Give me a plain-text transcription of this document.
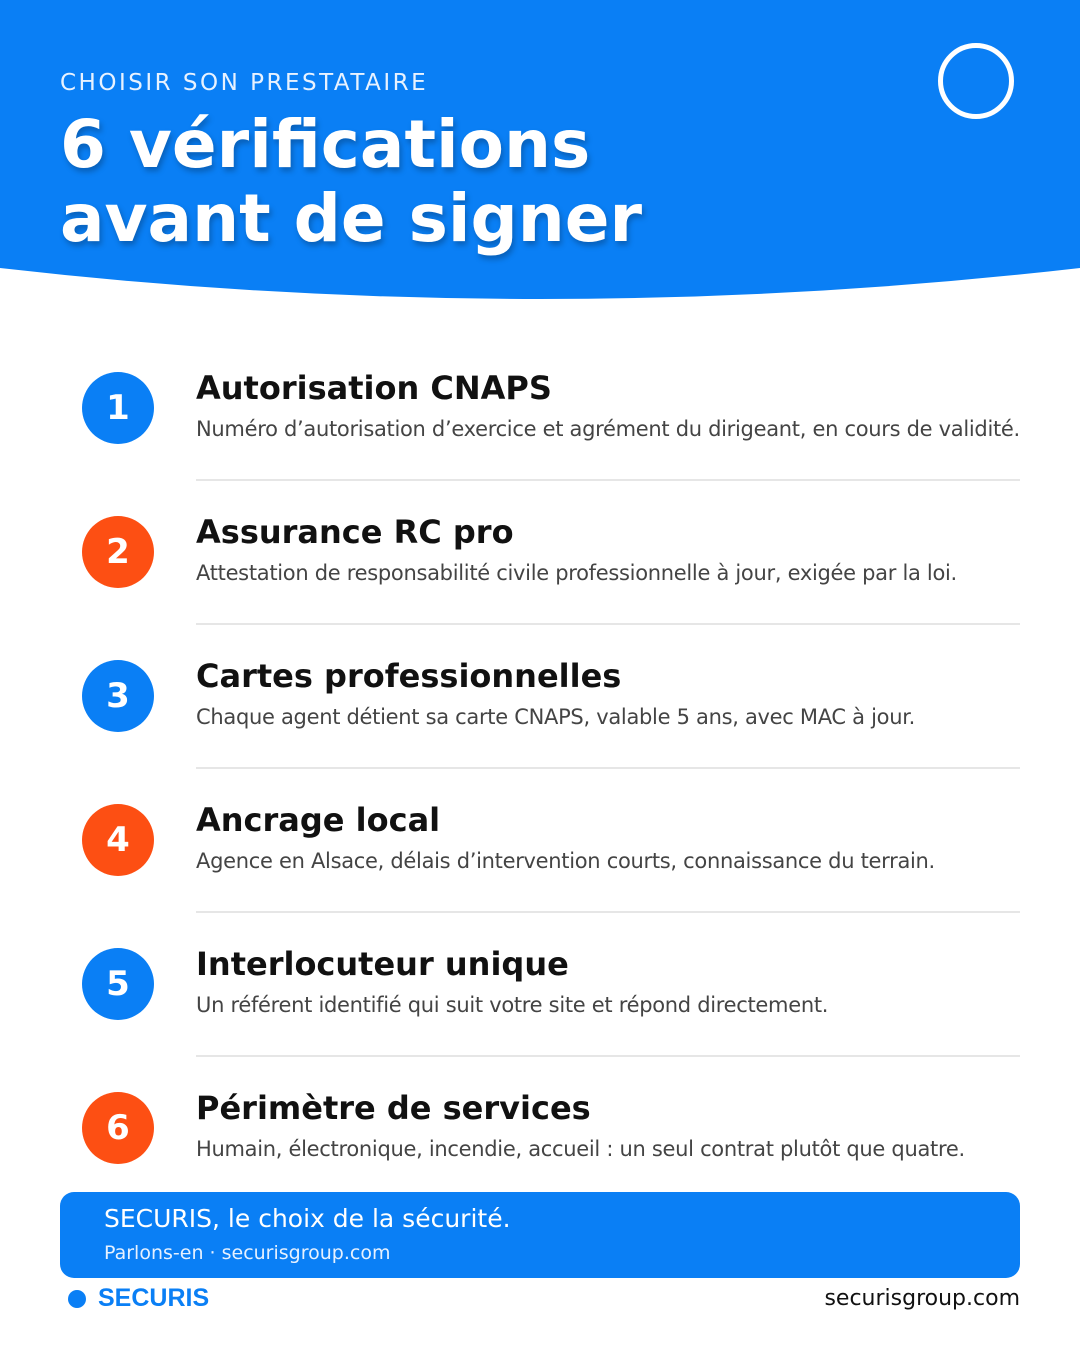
CHOISIR SON PRESTATAIRE
6 vérifications
avant de signer
1	Autorisation CNAPS
Numéro d’autorisation d’exercice et agrément du dirigeant, en cours de validité.
2	Assurance RC pro
Attestation de responsabilité civile professionnelle à jour, exigée par la loi.
3	Cartes professionnelles
Chaque agent détient sa carte CNAPS, valable 5 ans, avec MAC à jour.
4	Ancrage local
Agence en Alsace, délais d’intervention courts, connaissance du terrain.
5	Interlocuteur unique
Un référent identifié qui suit votre site et répond directement.
6	Périmètre de services
Humain, électronique, incendie, accueil : un seul contrat plutôt que quatre.
SECURIS, le choix de la sécurité.
Parlons-en · securisgroup.com
SECURIS	securisgroup.com
